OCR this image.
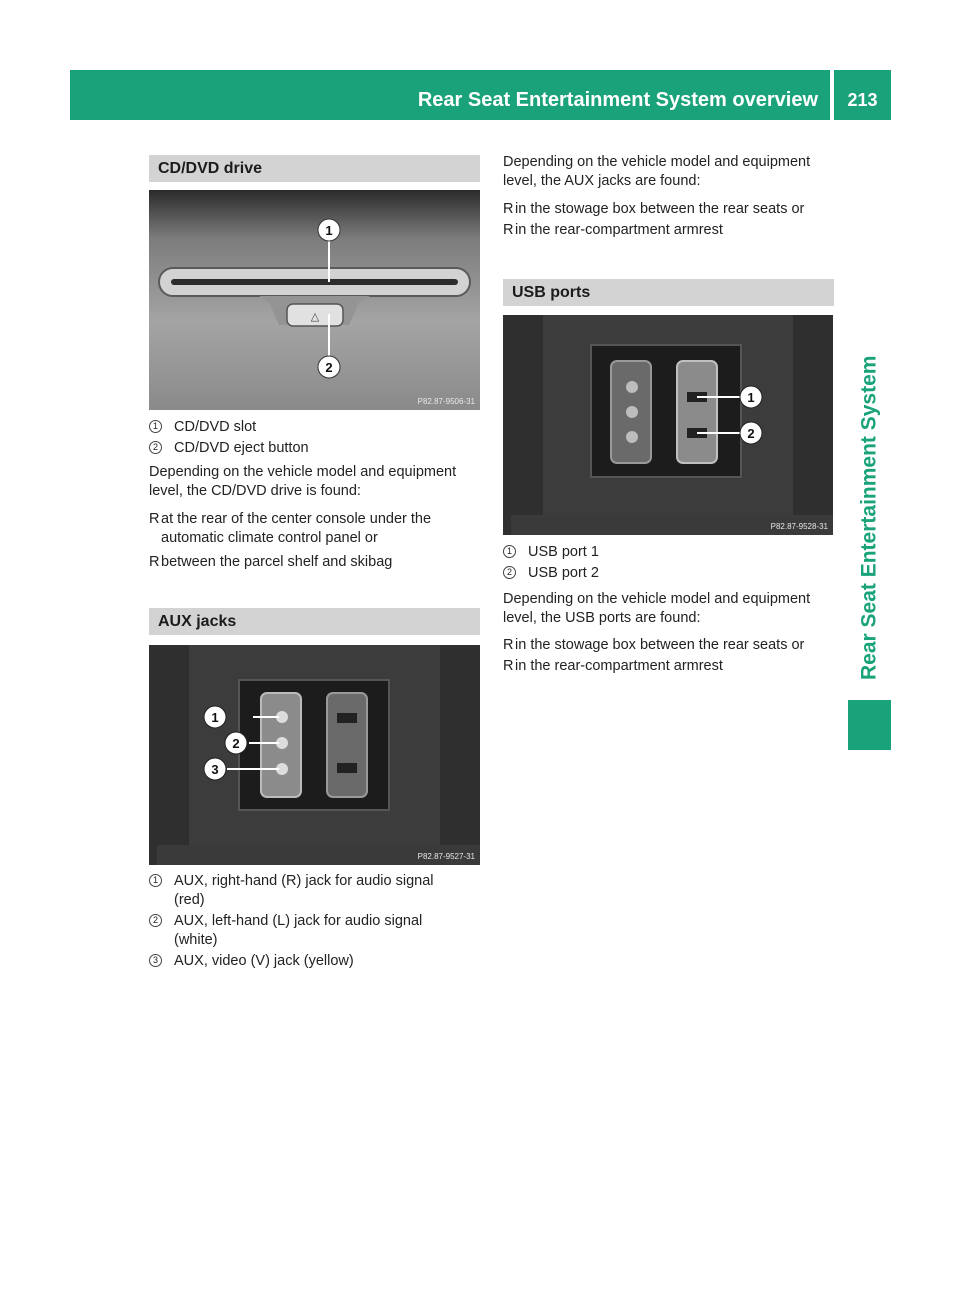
Rear Seat Entertainment System overview	213
Rear Seat Entertainment System
CD/DVD drive
△
1
2
P82.87-9506-31
1 CD/DVD slot
2 CD/DVD eject button
Depending on the vehicle model and equipment
level, the CD/DVD drive is found:
R at the rear of the center console under the
automatic climate control panel or
R between the parcel shelf and skibag
AUX jacks
1
2
3
P82.87-9527-31
1 AUX, right-hand (R) jack for audio signal
(red)
2 AUX, left-hand (L) jack for audio signal
(white)
3 AUX, video (V) jack (yellow)
Depending on the vehicle model and equipment
level, the AUX jacks are found:
R in the stowage box between the rear seats or
R in the rear-compartment armrest
USB ports
1
2
P82.87-9528-31
1 USB port 1
2 USB port 2
Depending on the vehicle model and equipment
level, the USB ports are found:
R in the stowage box between the rear seats or
R in the rear-compartment armrest
